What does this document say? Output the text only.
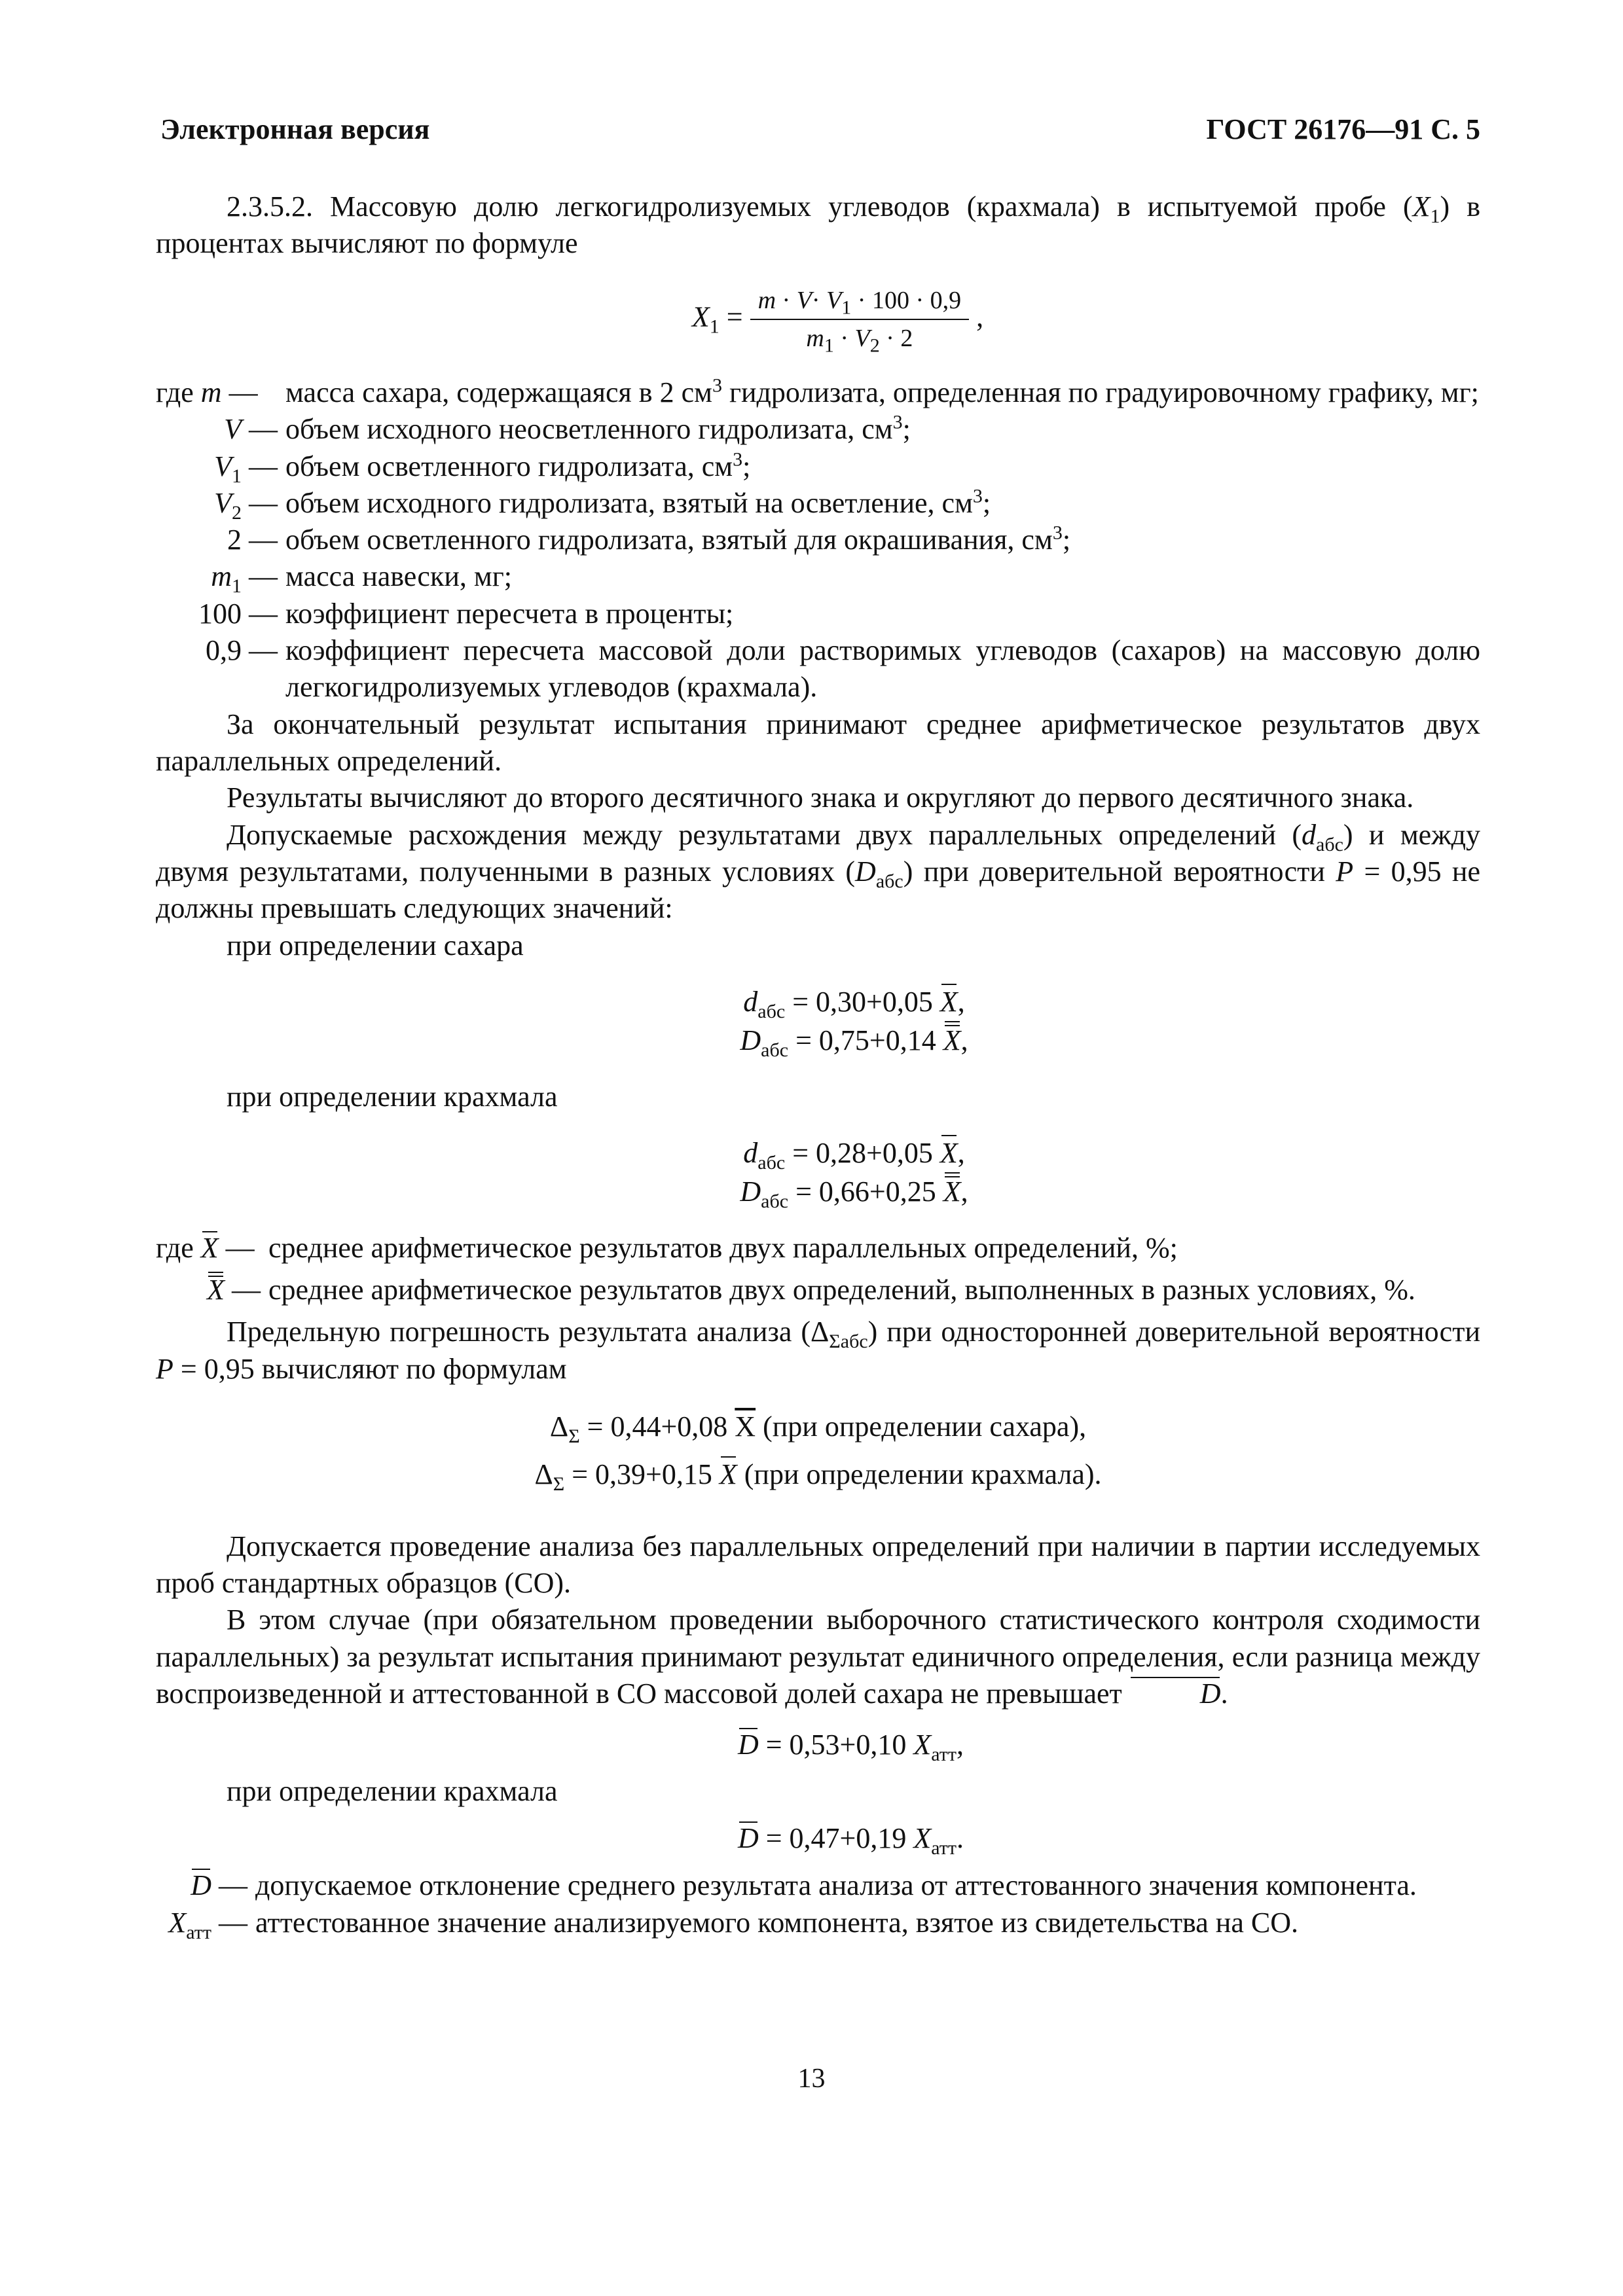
Электронная версия	ГОСТ 26176—91 С. 5

2.3.5.2. Массовую долю легкогидролизуемых углеводов (крахмала) в испытуемой пробе $(X_1)$ в процентах вычисляют по формуле

$X_1 = \frac{m \cdot V\cdot V_1 \cdot 100 \cdot 0,9}{m_1 \cdot V_2 \cdot 2}$ ,
где m — масса сахара, содержащаяся в 2 $см^3$ гидролизата, определенная по градуировочному графику, мг;
V — объем исходного неосветленного гидролизата, $см^3$;
$V_1$ — объем осветленного гидролизата, $см^3$;
$V_2$ — объем исходного гидролизата, взятый на осветление, $см^3$;
2 — объем осветленного гидролизата, взятый для окрашивания, $см^3$;
$m_1$ — масса навески, мг;
100 — коэффициент пересчета в проценты;
0,9 — коэффициент пересчета массовой доли растворимых углеводов (сахаров) на массовую долю легкогидролизуемых углеводов (крахмала).

За окончательный результат испытания принимают среднее арифметическое результатов двух параллельных определений.

Результаты вычисляют до второго десятичного знака и округляют до первого десятичного знака.

Допускаемые расхождения между результатами двух параллельных определений $(d_{абс})$ и между двумя результатами, полученными в разных условиях $(D_{абс})$ при доверительной вероятности P = 0,95 не должны превышать следующих значений:

при определении сахара

$d_{абс} = 0,30+0,05$ X,
$D_{абс} = 0,75+0,14$ X,

при определении крахмала

$d_{абс} = 0,28+0,05$ X,
$D_{абс} = 0,66+0,25$ X,
где X — среднее арифметическое результатов двух параллельных определений, %;
X — среднее арифметическое результатов двух определений, выполненных в разных условиях, %.

Предельную погрешность результата анализа $(\Delta_{\Sigma абс})$ при односторонней доверительной вероятности P = 0,95 вычисляют по формулам

$\Delta_\Sigma = 0,44+0,08$ $\overline{X}$ (при определении сахара),
$\Delta_\Sigma = 0,39+0,15$ X (при определении крахмала).

Допускается проведение анализа без параллельных определений при наличии в партии исследуемых проб стандартных образцов (СО).

В этом случае (при обязательном проведении выборочного статистического контроля сходимости параллельных) за результат испытания принимают результат единичного определения, если разница между воспроизведенной и аттестованной в СО массовой долей сахара не превышает D.

D = 0,53+0,10 $X_{атт}$,

при определении крахмала

D = 0,47+0,19 $X_{атт}$.
D — допускаемое отклонение среднего результата анализа от аттестованного значения компонента.
$X_{атт}$ — аттестованное значение анализируемого компонента, взятое из свидетельства на СО.
13
